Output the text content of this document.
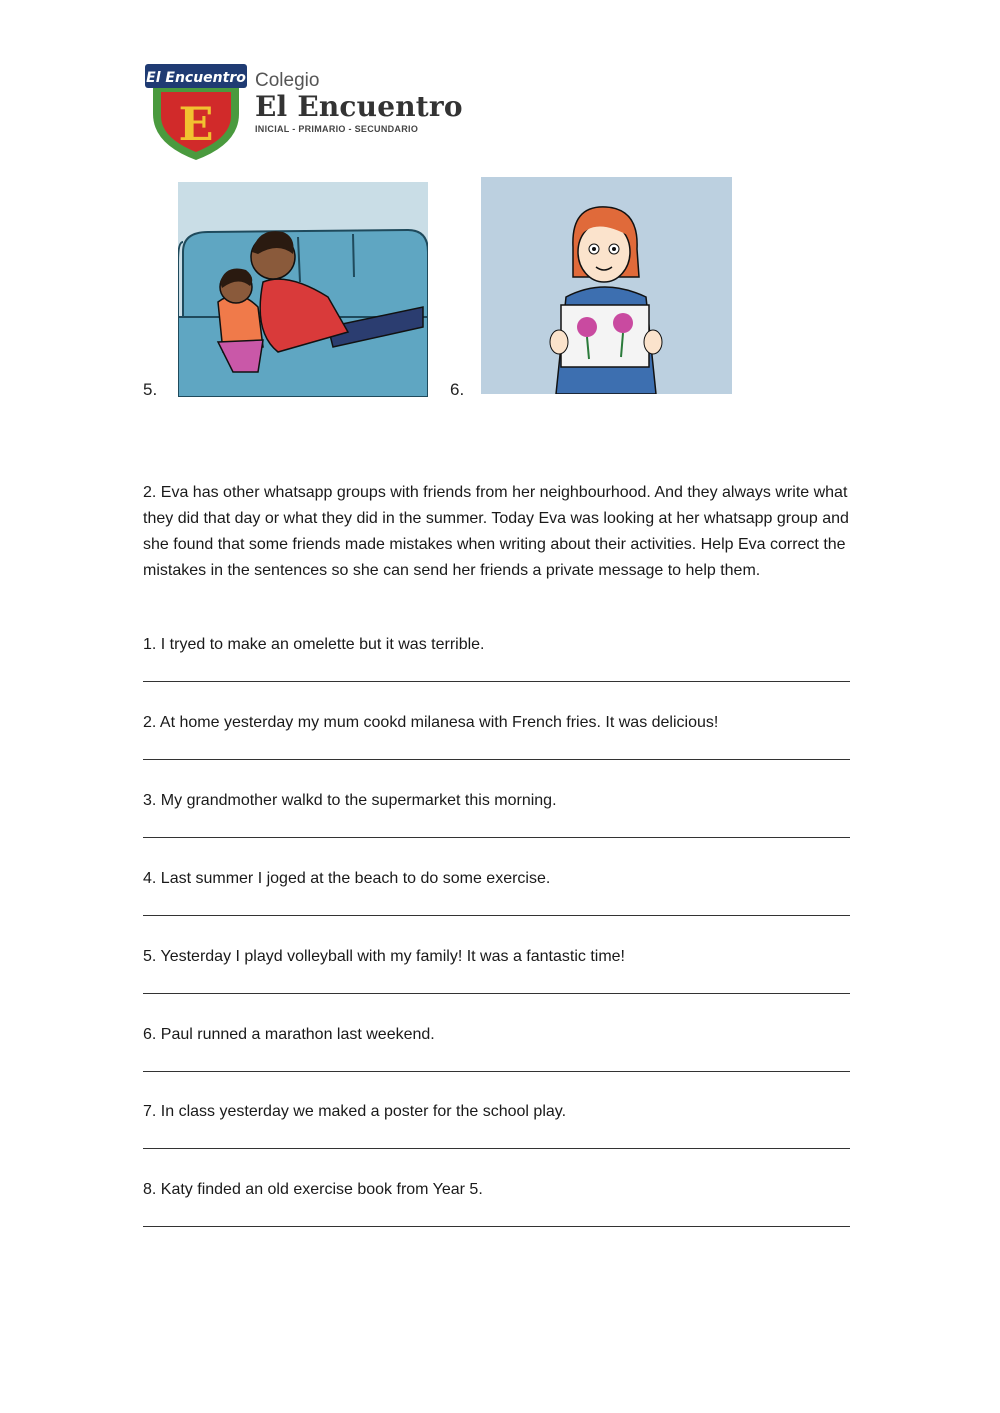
El Encuentro
E
Colegio
El Encuentro
INICIAL - PRIMARIO - SECUNDARIO
5.	6.
2. Eva has other whatsapp groups with friends from her neighbourhood. And they always write what they did that day or what they did in the summer. Today Eva was looking at her whatsapp group and she found that some friends made mistakes when writing about their activities. Help Eva correct the mistakes in the sentences so she can send her friends a private message to help them.
1. I tryed to make an omelette but it was terrible.
2. At home yesterday my mum cookd milanesa with French fries. It was delicious!
3. My grandmother walkd to the supermarket this morning.
4. Last summer I joged at the beach to do some exercise.
5. Yesterday I playd volleyball with my family! It was a fantastic time!
6. Paul runned a marathon last weekend.
7. In class yesterday we maked a poster for the school play.
8. Katy finded an old exercise book from Year 5.
